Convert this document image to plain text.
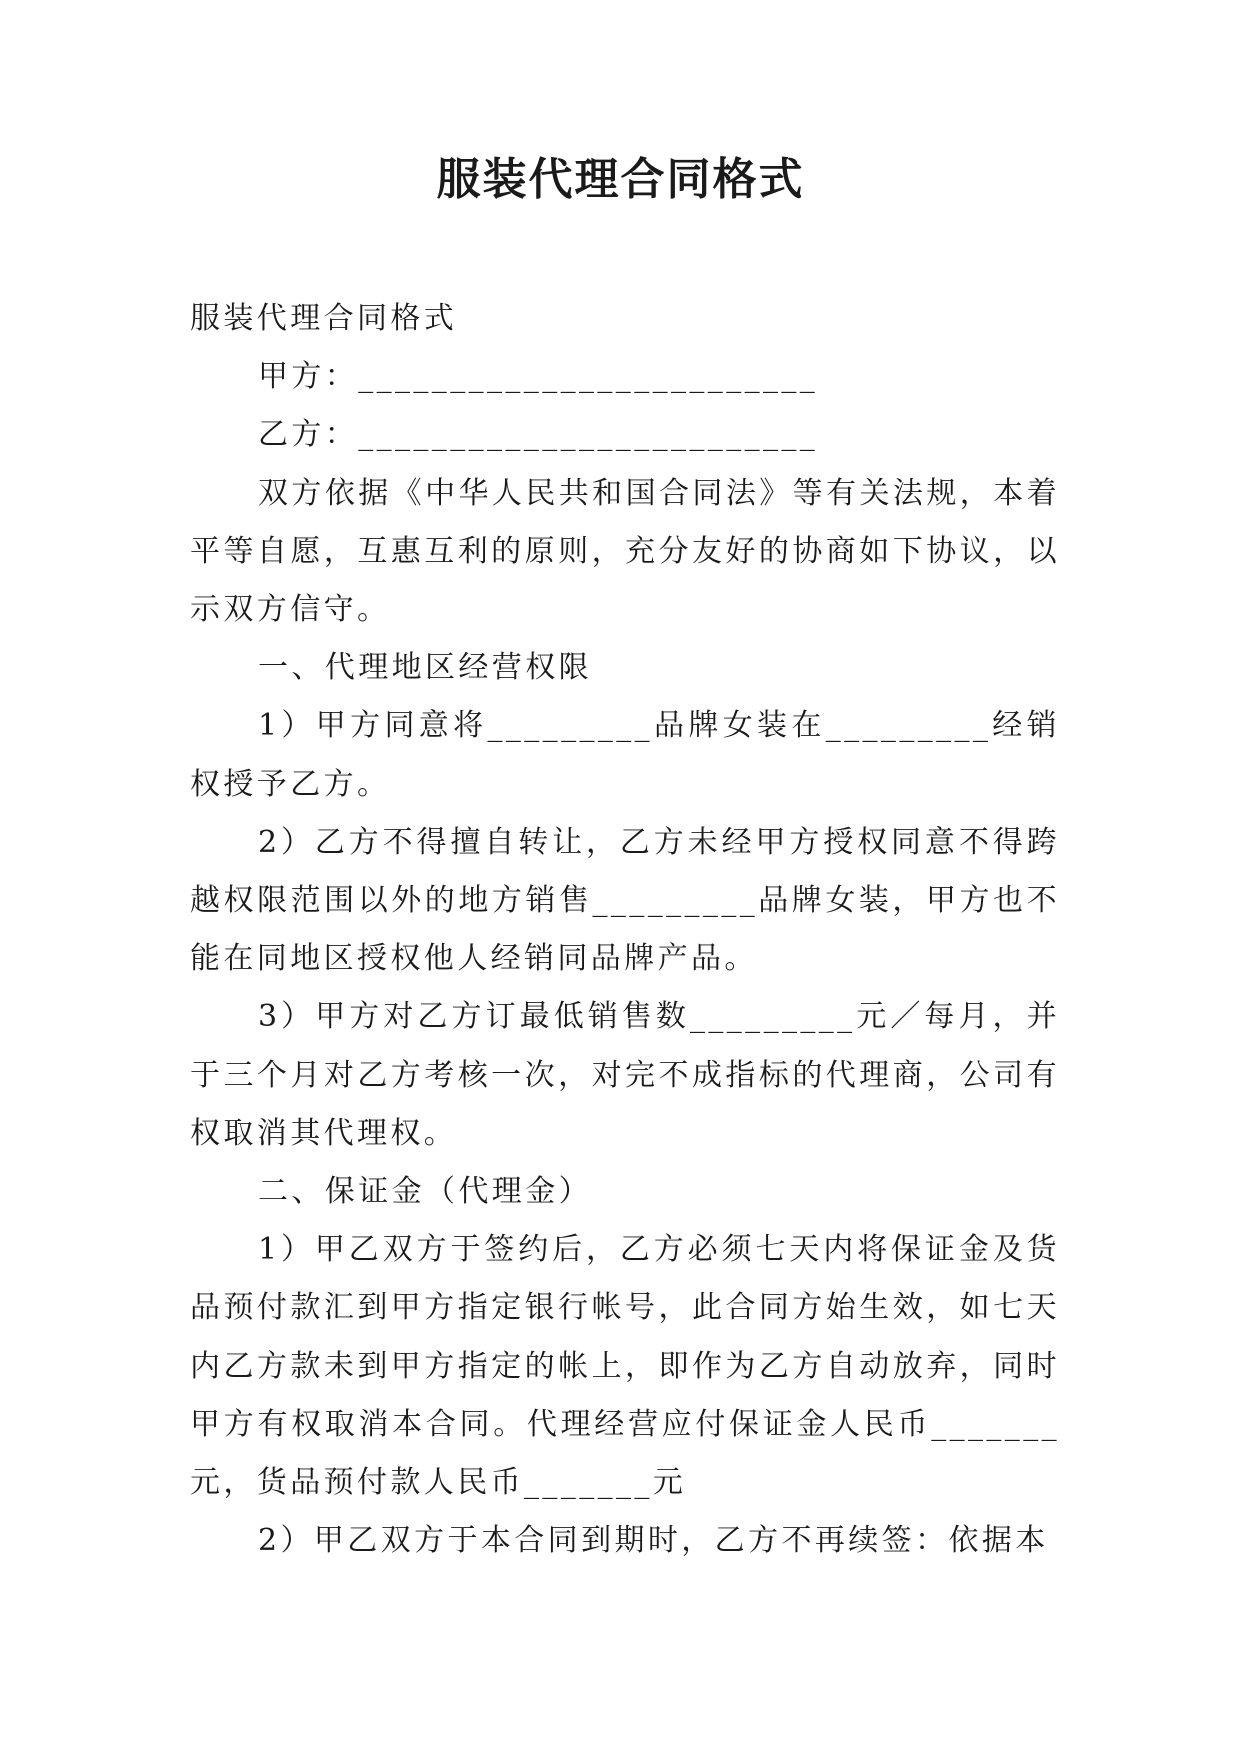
服装代理合同格式

服装代理合同格式

甲方：_________________________

乙方：_________________________

双方依据《中华人民共和国合同法》等有关法规，本着平等自愿，互惠互利的原则，充分友好的协商如下协议，以示双方信守。

一、代理地区经营权限

1）甲方同意将_________品牌女装在_________经销权授予乙方。

2）乙方不得擅自转让，乙方未经甲方授权同意不得跨越权限范围以外的地方销售_________品牌女装，甲方也不能在同地区授权他人经销同品牌产品。

3）甲方对乙方订最低销售数_________元／每月，并于三个月对乙方考核一次，对完不成指标的代理商，公司有权取消其代理权。

二、保证金（代理金）

1）甲乙双方于签约后，乙方必须七天内将保证金及货品预付款汇到甲方指定银行帐号，此合同方始生效，如七天内乙方款未到甲方指定的帐上，即作为乙方自动放弃，同时甲方有权取消本合同。代理经营应付保证金人民币_______元，货品预付款人民币_______元

2）甲乙双方于本合同到期时，乙方不再续签：依据本
